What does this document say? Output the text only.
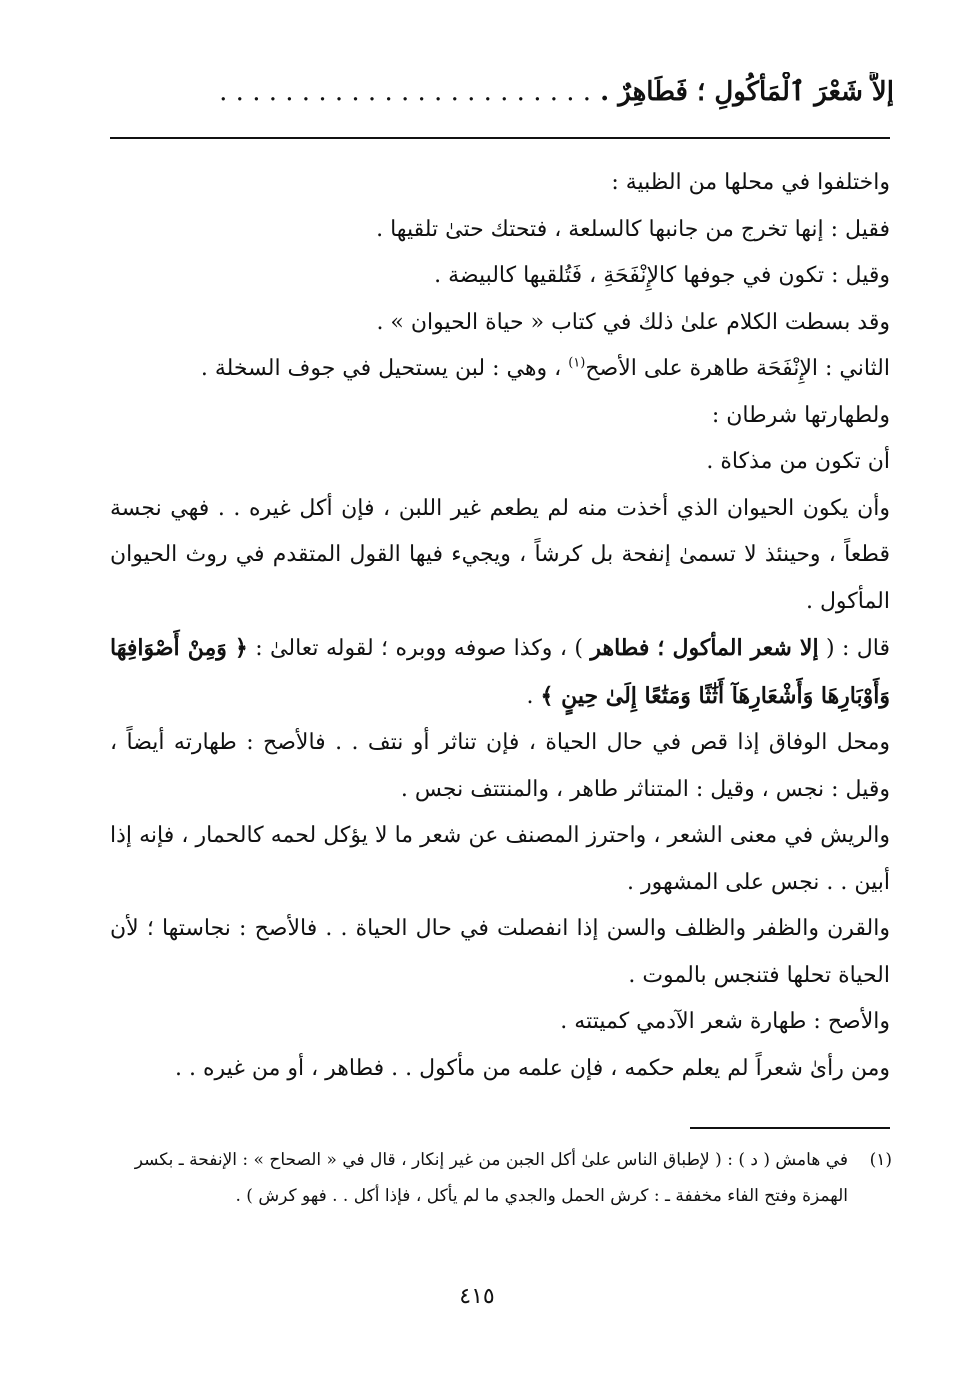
إلاَّ شَعْرَ ٱلْمَأْكُولِ ؛ فَطَاهِرٌ . . . . . . . . . . . . . . . . . . . . . . . .

واختلفوا في محلها من الظبية :

فقيل : إنها تخرج من جانبها كالسلعة ، فتحتك حتىٰ تلقيها .

وقيل : تكون في جوفها كالإِنْفَحَةِ ، فَتُلقيها كالبيضة .

وقد بسطت الكلام علىٰ ذلك في كتاب « حياة الحيوان » .

الثاني : الإِنْفَحَة طاهرة على الأصح$^{(١)}$ ، وهي : لبن يستحيل في جوف السخلة .

ولطهارتها شرطان :

أن تكون من مذكاة .

وأن يكون الحيوان الذي أخذت منه لم يطعم غير اللبن ، فإن أكل غيره . . فهي نجسة قطعاً ، وحينئذ لا تسمىٰ إنفحة بل كرشاً ، ويجيء فيها القول المتقدم في روث الحيوان المأكول .

قال : ( إلا شعر المأكول ؛ فطاهر ) ، وكذا صوفه ووبره ؛ لقوله تعالىٰ : ﴿ وَمِنْ أَصْوَافِهَا وَأَوْبَارِهَا وَأَشْعَارِهَآ أَثَٰثًا وَمَتَٰعًا إِلَىٰ حِينٍ ﴾ .

ومحل الوفاق إذا قص في حال الحياة ، فإن تناثر أو نتف . . فالأصح : طهارته أيضاً ، وقيل : نجس ، وقيل : المتناثر طاهر ، والمنتتف نجس .

والريش في معنى الشعر ، واحترز المصنف عن شعر ما لا يؤكل لحمه كالحمار ، فإنه إذا أبين . . نجس على المشهور .

والقرن والظفر والظلف والسن إذا انفصلت في حال الحياة . . فالأصح : نجاستها ؛ لأن الحياة تحلها فتنجس بالموت .

والأصح : طهارة شعر الآدمي كميتته .

ومن رأىٰ شعراً لم يعلم حكمه ، فإن علمه من مأكول . . فطاهر ، أو من غيره . .

(١)
في هامش ( د ) : ( لإطباق الناس علىٰ أكل الجبن من غير إنكار ، قال في « الصحاح » : الإنفحة ـ بكسر الهمزة وفتح الفاء مخففة ـ : كرش الحمل والجدي ما لم يأكل ، فإذا أكل . . فهو كرش ) .
٤١٥
